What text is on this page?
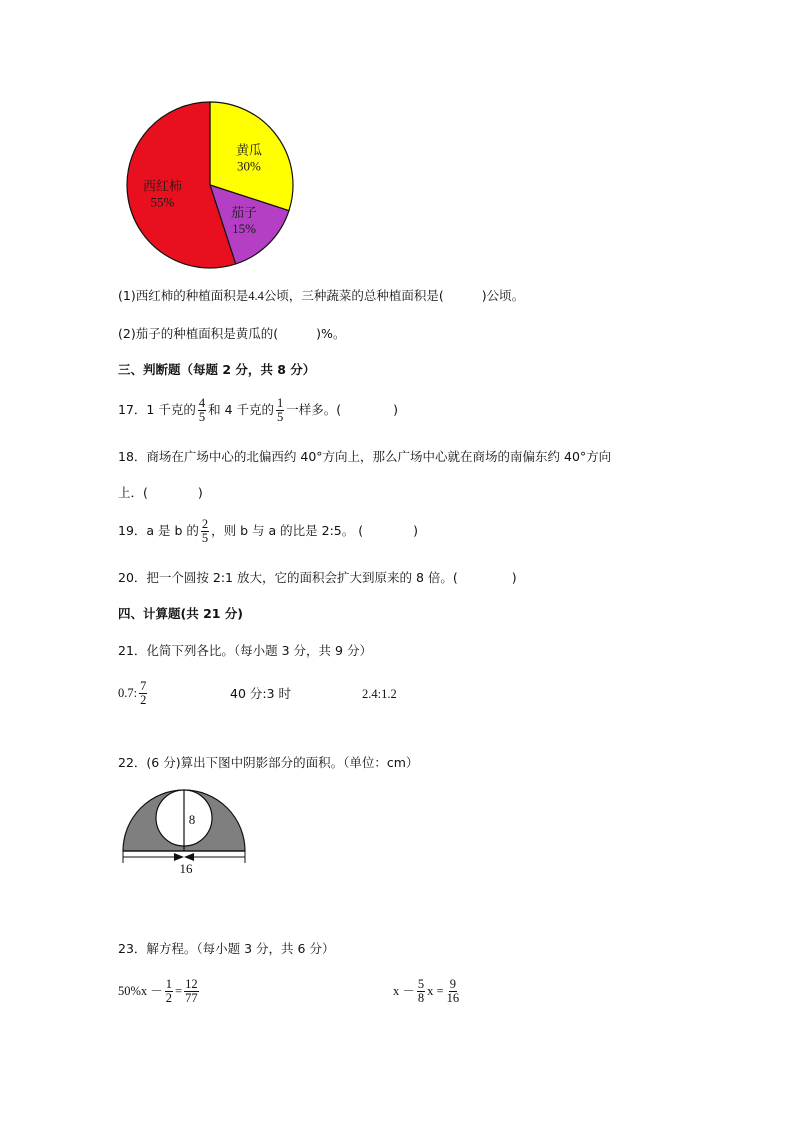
黄瓜
30%
茄子
15%
西红柿
55%
(1)西红柿的种植面积是4.4公顷，三种蔬菜的总种植面积是(	)公顷。
(2)茄子的种植面积是黄瓜的(	)%。
三、判断题（每题 2 分，共 8 分）
17． 1 千克的 $\frac{4}{5}$ 和 4 千克的 $\frac{1}{5}$ 一样多。(	)
18．商场在广场中心的北偏西约 40°方向上，那么广场中心就在商场的南偏东约 40°方向
上．(	)
19．a 是 b 的 $\frac{2}{5}$ ，则 b 与 a 的比是 2:5。 (	)
20．把一个圆按 2:1 放大，它的面积会扩大到原来的 8 倍。(	)
四、计算题(共 21 分)
21．化简下列各比。（每小题 3 分，共 9 分）
0.7: $\frac{7}{2}$	40 分:3 时	2.4:1.2
22．(6 分)算出下图中阴影部分的面积。（单位：cm）
8
16
23．解方程。（每小题 3 分，共 6 分）
$50\%x - \frac{1}{2} = \frac{12}{77}$	$x - \frac{5}{8}$ $x = \frac{9}{16}$
